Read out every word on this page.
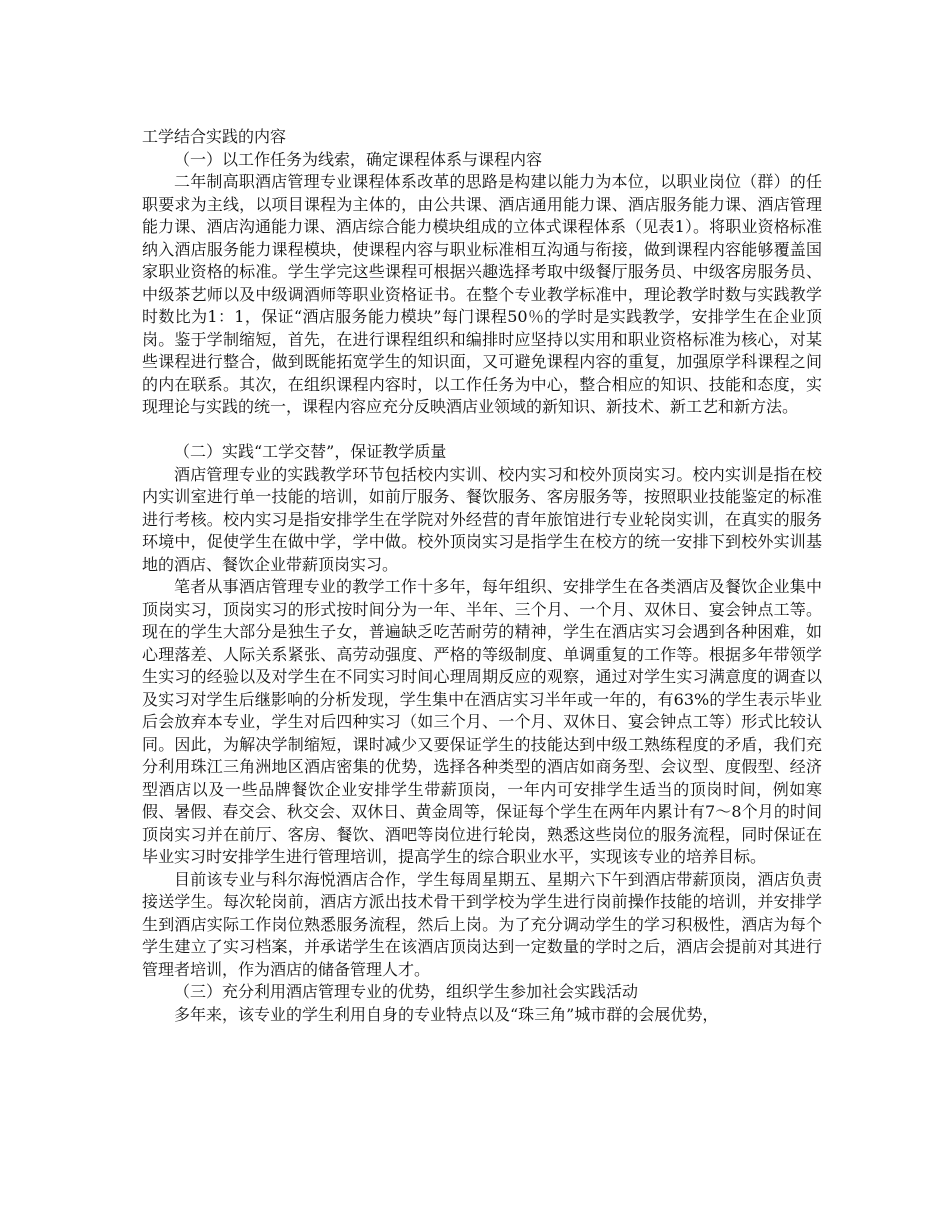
工学结合实践的内容

（一）以工作任务为线索，确定课程体系与课程内容

二年制高职酒店管理专业课程体系改革的思路是构建以能力为本位，以职业岗位（群）的任职要求为主线，以项目课程为主体的，由公共课、酒店通用能力课、酒店服务能力课、酒店管理能力课、酒店沟通能力课、酒店综合能力模块组成的立体式课程体系（见表1）。将职业资格标准纳入酒店服务能力课程模块，使课程内容与职业标准相互沟通与衔接，做到课程内容能够覆盖国家职业资格的标准。学生学完这些课程可根据兴趣选择考取中级餐厅服务员、中级客房服务员、中级茶艺师以及中级调酒师等职业资格证书。在整个专业教学标准中，理论教学时数与实践教学时数比为1：1，保证“酒店服务能力模块”每门课程50％的学时是实践教学，安排学生在企业顶岗。鉴于学制缩短，首先，在进行课程组织和编排时应坚持以实用和职业资格标准为核心，对某些课程进行整合，做到既能拓宽学生的知识面，又可避免课程内容的重复，加强原学科课程之间的内在联系。其次，在组织课程内容时，以工作任务为中心，整合相应的知识、技能和态度，实现理论与实践的统一，课程内容应充分反映酒店业领域的新知识、新技术、新工艺和新方法。

（二）实践“工学交替”，保证教学质量

酒店管理专业的实践教学环节包括校内实训、校内实习和校外顶岗实习。校内实训是指在校内实训室进行单一技能的培训，如前厅服务、餐饮服务、客房服务等，按照职业技能鉴定的标准进行考核。校内实习是指安排学生在学院对外经营的青年旅馆进行专业轮岗实训，在真实的服务环境中，促使学生在做中学，学中做。校外顶岗实习是指学生在校方的统一安排下到校外实训基地的酒店、餐饮企业带薪顶岗实习。

笔者从事酒店管理专业的教学工作十多年，每年组织、安排学生在各类酒店及餐饮企业集中顶岗实习，顶岗实习的形式按时间分为一年、半年、三个月、一个月、双休日、宴会钟点工等。现在的学生大部分是独生子女，普遍缺乏吃苦耐劳的精神，学生在酒店实习会遇到各种困难，如心理落差、人际关系紧张、高劳动强度、严格的等级制度、单调重复的工作等。根据多年带领学生实习的经验以及对学生在不同实习时间心理周期反应的观察，通过对学生实习满意度的调查以及实习对学生后继影响的分析发现，学生集中在酒店实习半年或一年的，有63%的学生表示毕业后会放弃本专业，学生对后四种实习（如三个月、一个月、双休日、宴会钟点工等）形式比较认同。因此，为解决学制缩短，课时减少又要保证学生的技能达到中级工熟练程度的矛盾，我们充分利用珠江三角洲地区酒店密集的优势，选择各种类型的酒店如商务型、会议型、度假型、经济型酒店以及一些品牌餐饮企业安排学生带薪顶岗，一年内可安排学生适当的顶岗时间，例如寒假、暑假、春交会、秋交会、双休日、黄金周等，保证每个学生在两年内累计有7～8个月的时间顶岗实习并在前厅、客房、餐饮、酒吧等岗位进行轮岗，熟悉这些岗位的服务流程，同时保证在毕业实习时安排学生进行管理培训，提高学生的综合职业水平，实现该专业的培养目标。

目前该专业与科尔海悦酒店合作，学生每周星期五、星期六下午到酒店带薪顶岗，酒店负责接送学生。每次轮岗前，酒店方派出技术骨干到学校为学生进行岗前操作技能的培训，并安排学生到酒店实际工作岗位熟悉服务流程，然后上岗。为了充分调动学生的学习积极性，酒店为每个学生建立了实习档案，并承诺学生在该酒店顶岗达到一定数量的学时之后，酒店会提前对其进行管理者培训，作为酒店的储备管理人才。

（三）充分利用酒店管理专业的优势，组织学生参加社会实践活动

多年来，该专业的学生利用自身的专业特点以及“珠三角”城市群的会展优势，
